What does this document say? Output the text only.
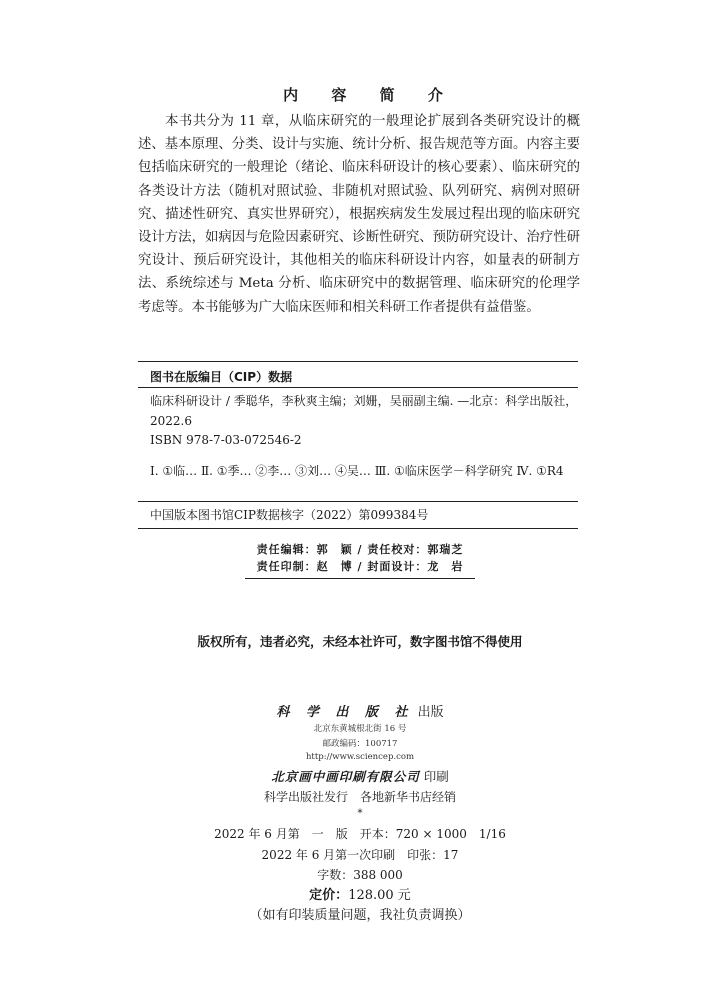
内 容 简 介
本书共分为 11 章，从临床研究的一般理论扩展到各类研究设计的概述、基本原理、分类、设计与实施、统计分析、报告规范等方面。内容主要包括临床研究的一般理论（绪论、临床科研设计的核心要素）、临床研究的各类设计方法（随机对照试验、非随机对照试验、队列研究、病例对照研究、描述性研究、真实世界研究），根据疾病发生发展过程出现的临床研究设计方法，如病因与危险因素研究、诊断性研究、预防研究设计、治疗性研究设计、预后研究设计，其他相关的临床科研设计内容，如量表的研制方法、系统综述与 Meta 分析、临床研究中的数据管理、临床研究的伦理学考虑等。本书能够为广大临床医师和相关科研工作者提供有益借鉴。
图书在版编目（CIP）数据

临床科研设计 / 季聪华，李秋爽主编；刘姗，吴丽副主编. —北京：科学出版社，2022.6

ISBN 978-7-03-072546-2

Ⅰ. ①临… Ⅱ. ①季… ②李… ③刘… ④吴… Ⅲ. ①临床医学－科学研究 Ⅳ. ①R4

中国版本图书馆CIP数据核字（2022）第099384号
责任编辑：郭　颖 / 责任校对：郭瑞芝
责任印制：赵　博 / 封面设计：龙　岩
版权所有，违者必究，未经本社许可，数字图书馆不得使用
科 学 出 版 社 出版
北京东黄城根北街 16 号
邮政编码：100717
http://www.sciencep.com
北京画中画印刷有限公司 印刷
科学出版社发行　各地新华书店经销
*
2022 年 6 月第　一　版　开本：720 × 1000　1/16
2022 年 6 月第一次印刷　印张：17
字数：388 000
定价：128.00 元
（如有印装质量问题，我社负责调换）
